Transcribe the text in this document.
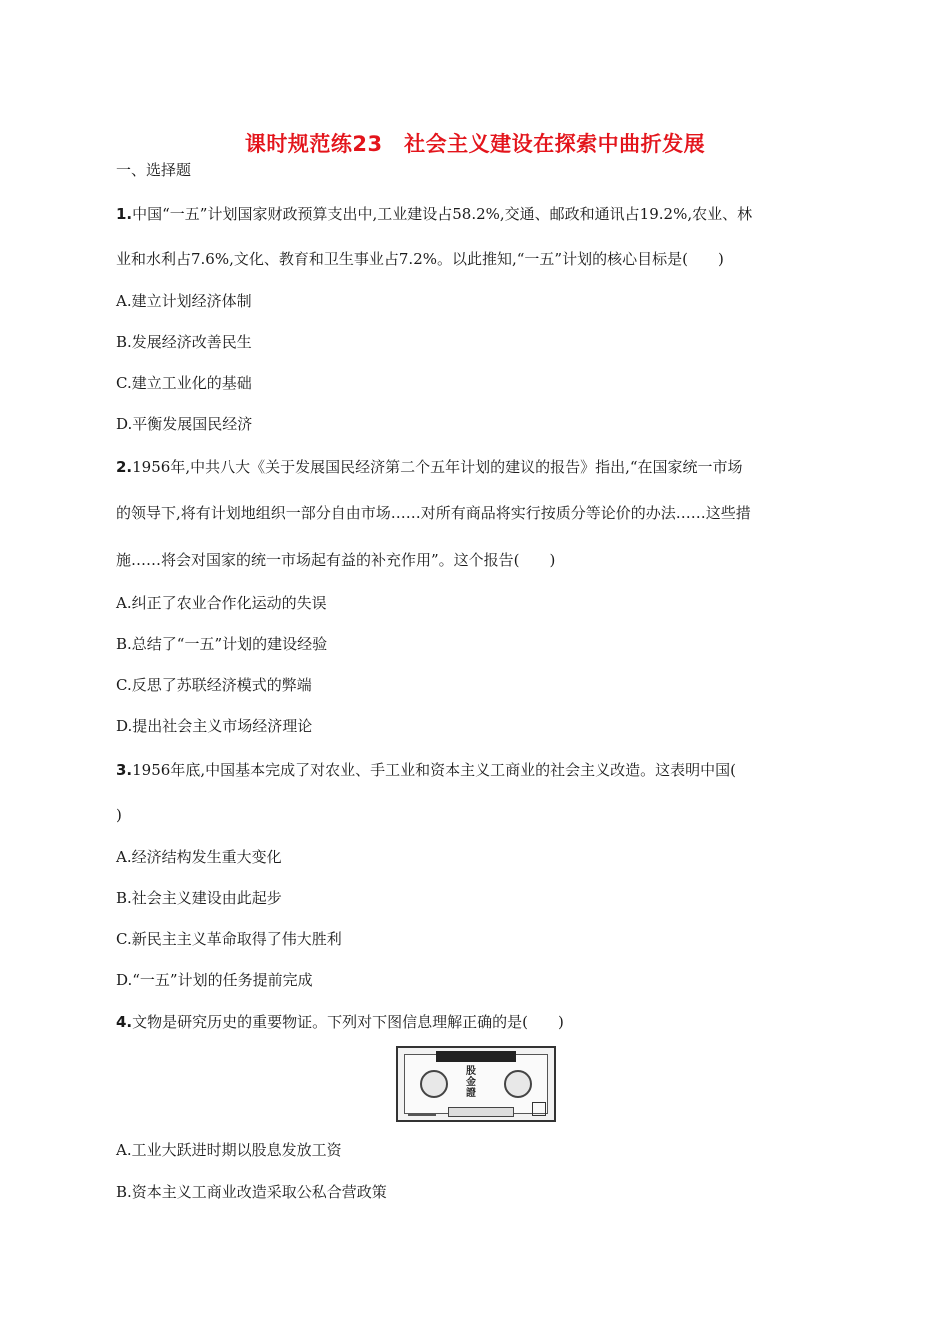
课时规范练23　社会主义建设在探索中曲折发展
一、选择题
1.中国“一五”计划国家财政预算支出中,工业建设占58.2%,交通、邮政和通讯占19.2%,农业、林
业和水利占7.6%,文化、教育和卫生事业占7.2%。以此推知,“一五”计划的核心目标是(　　)
A.建立计划经济体制
B.发展经济改善民生
C.建立工业化的基础
D.平衡发展国民经济
2.1956年,中共八大《关于发展国民经济第二个五年计划的建议的报告》指出,“在国家统一市场
的领导下,将有计划地组织一部分自由市场……对所有商品将实行按质分等论价的办法……这些措
施……将会对国家的统一市场起有益的补充作用”。这个报告(　　)
A.纠正了农业合作化运动的失误
B.总结了“一五”计划的建设经验
C.反思了苏联经济模式的弊端
D.提出社会主义市场经济理论
3.1956年底,中国基本完成了对农业、手工业和资本主义工商业的社会主义改造。这表明中国(
)
A.经济结构发生重大变化
B.社会主义建设由此起步
C.新民主主义革命取得了伟大胜利
D.“一五”计划的任务提前完成
4.文物是研究历史的重要物证。下列对下图信息理解正确的是(　　)
股
金
證
A.工业大跃进时期以股息发放工资
B.资本主义工商业改造采取公私合营政策
